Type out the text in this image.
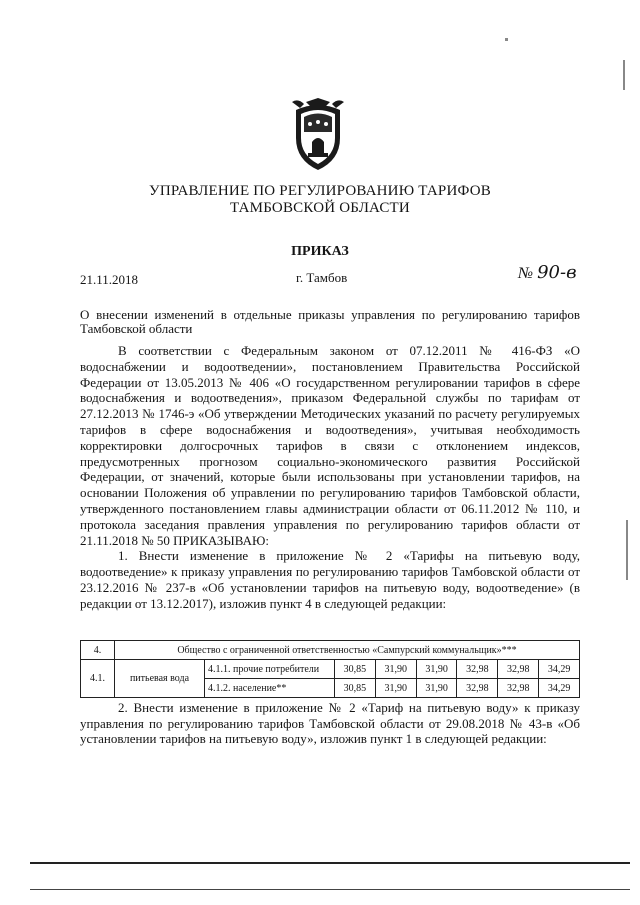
УПРАВЛЕНИЕ ПО РЕГУЛИРОВАНИЮ ТАРИФОВ
ТАМБОВСКОЙ ОБЛАСТИ
ПРИКАЗ
21.11.2018	г. Тамбов	№ 90-в
О внесении изменений в отдельные приказы управления по регулированию тарифов Тамбовской области

В соответствии с Федеральным законом от 07.12.2011 № 416-ФЗ «О водоснабжении и водоотведении», постановлением Правительства Российской Федерации от 13.05.2013 № 406 «О государственном регулировании тарифов в сфере водоснабжения и водоотведения», приказом Федеральной службы по тарифам от 27.12.2013 № 1746-э «Об утверждении Методических указаний по расчету регулируемых тарифов в сфере водоснабжения и водоотведения», учитывая необходимость корректировки долгосрочных тарифов в связи с отклонением индексов, предусмотренных прогнозом социально-экономического развития Российской Федерации, от значений, которые были использованы при установлении тарифов, на основании Положения об управлении по регулированию тарифов Тамбовской области, утвержденного постановлением главы администрации области от 06.11.2012 № 110, и протокола заседания правления управления по регулированию тарифов области от 21.11.2018 № 50 ПРИКАЗЫВАЮ:

1. Внести изменение в приложение № 2 «Тарифы на питьевую воду, водоотведение» к приказу управления по регулированию тарифов Тамбовской области от 23.12.2016 № 237-в «Об установлении тарифов на питьевую воду, водоотведение» (в редакции от 13.12.2017), изложив пункт 4 в следующей редакции:

4.	Общество с ограниченной ответственностью «Сампурский коммунальщик»***							
4.1.	питьевая вода	4.1.1. прочие потребители	30,85	31,90	31,90	32,98	32,98	34,29
		4.1.2. население**	30,85	31,90	31,90	32,98	32,98	34,29

2. Внести изменение в приложение № 2 «Тариф на питьевую воду» к приказу управления по регулированию тарифов Тамбовской области от 29.08.2018 № 43-в «Об установлении тарифов на питьевую воду», изложив пункт 1 в следующей редакции:
